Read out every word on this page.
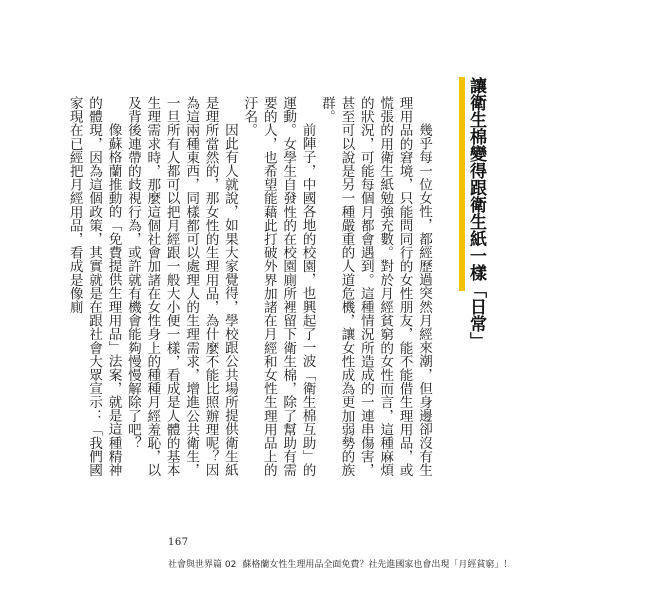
讓衛生棉變得跟衛生紙一樣「日常」

幾乎每一位女性，都經歷過突然月經來潮，但身邊卻沒有生理用品的窘境，只能問同行的女性朋友，能不能借生理用品，或慌張的用衛生紙勉強充數。對於月經貧窮的女性而言，這種麻煩的狀況，可能每個月都會遇到。這種情況所造成的一連串傷害，甚至可以說是另一種嚴重的人道危機，讓女性成為更加弱勢的族群。

前陣子，中國各地的校園，也興起了一波「衛生棉互助」的運動。女學生自發性的在校園廁所裡留下衛生棉，除了幫助有需要的人，也希望能藉此打破外界加諸在月經和女性生理用品上的汙名。

因此有人就說，如果大家覺得，學校跟公共場所提供衛生紙是理所當然的，那女性的生理用品，為什麼不能比照辦理呢？因為這兩種東西，同樣都可以處理人的生理需求，增進公共衛生，一旦所有人都可以把月經跟一般大小便一樣，看成是人體的基本生理需求時，那麼這個社會加諸在女性身上的種種月經羞恥，以及背後連帶的歧視行為，或許就有機會能夠慢慢解除了吧？

像蘇格蘭推動的「免費提供生理用品」法案，就是這種精神的體現，因為這個政策，其實就是在跟社會大眾宣示：「我們國家現在已經把月經用品，看成是像廁

167
社會與世界篇 02 蘇格蘭女性生理用品全面免費？社先進國家也會出現「月經貧窮」！
